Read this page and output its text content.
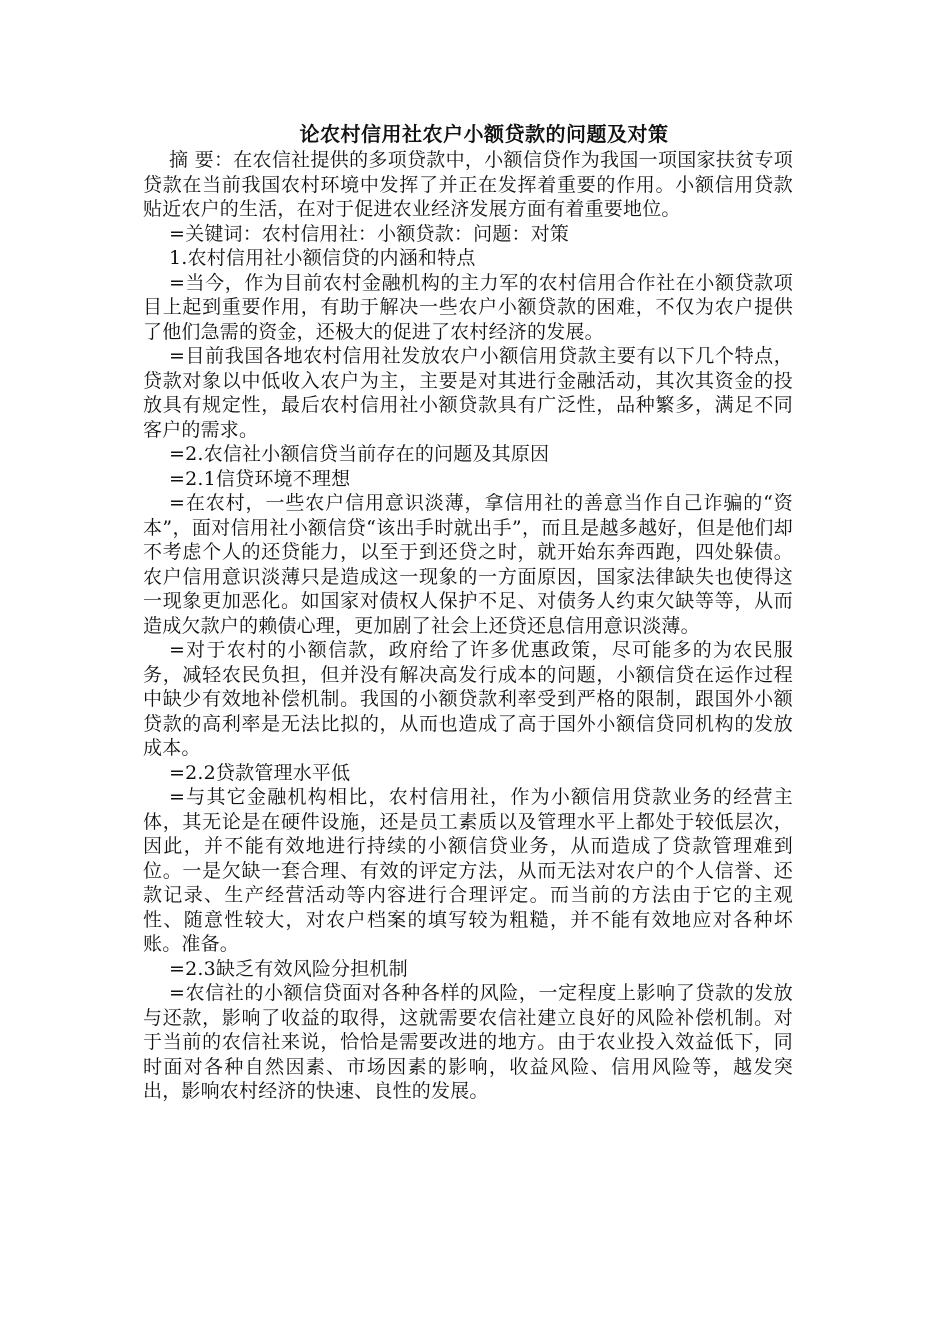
论农村信用社农户小额贷款的问题及对策

摘 要：在农信社提供的多项贷款中，小额信贷作为我国一项国家扶贫专项贷款在当前我国农村环境中发挥了并正在发挥着重要的作用。小额信用贷款贴近农户的生活，在对于促进农业经济发展方面有着重要地位。

=关键词：农村信用社：小额贷款：问题：对策

1.农村信用社小额信贷的内涵和特点

=当今，作为目前农村金融机构的主力军的农村信用合作社在小额贷款项目上起到重要作用，有助于解决一些农户小额贷款的困难，不仅为农户提供了他们急需的资金，还极大的促进了农村经济的发展。

=目前我国各地农村信用社发放农户小额信用贷款主要有以下几个特点，贷款对象以中低收入农户为主，主要是对其进行金融活动，其次其资金的投放具有规定性，最后农村信用社小额贷款具有广泛性，品种繁多，满足不同客户的需求。

=2.农信社小额信贷当前存在的问题及其原因

=2.1信贷环境不理想

=在农村，一些农户信用意识淡薄，拿信用社的善意当作自己诈骗的“资本”，面对信用社小额信贷“该出手时就出手”，而且是越多越好，但是他们却不考虑个人的还贷能力，以至于到还贷之时，就开始东奔西跑，四处躲债。农户信用意识淡薄只是造成这一现象的一方面原因，国家法律缺失也使得这一现象更加恶化。如国家对债权人保护不足、对债务人约束欠缺等等，从而造成欠款户的赖债心理，更加剧了社会上还贷还息信用意识淡薄。

=对于农村的小额信款，政府给了许多优惠政策，尽可能多的为农民服务，减轻农民负担，但并没有解决高发行成本的问题，小额信贷在运作过程中缺少有效地补偿机制。我国的小额贷款利率受到严格的限制，跟国外小额贷款的高利率是无法比拟的，从而也造成了高于国外小额信贷同机构的发放成本。

=2.2贷款管理水平低

=与其它金融机构相比，农村信用社，作为小额信用贷款业务的经营主体，其无论是在硬件设施，还是员工素质以及管理水平上都处于较低层次，因此，并不能有效地进行持续的小额信贷业务，从而造成了贷款管理难到位。一是欠缺一套合理、有效的评定方法，从而无法对农户的个人信誉、还款记录、生产经营活动等内容进行合理评定。而当前的方法由于它的主观性、随意性较大，对农户档案的填写较为粗糙，并不能有效地应对各种坏账。准备。

=2.3缺乏有效风险分担机制

=农信社的小额信贷面对各种各样的风险，一定程度上影响了贷款的发放与还款，影响了收益的取得，这就需要农信社建立良好的风险补偿机制。对于当前的农信社来说，恰恰是需要改进的地方。由于农业投入效益低下，同时面对各种自然因素、市场因素的影响，收益风险、信用风险等，越发突出，影响农村经济的快速、良性的发展。
